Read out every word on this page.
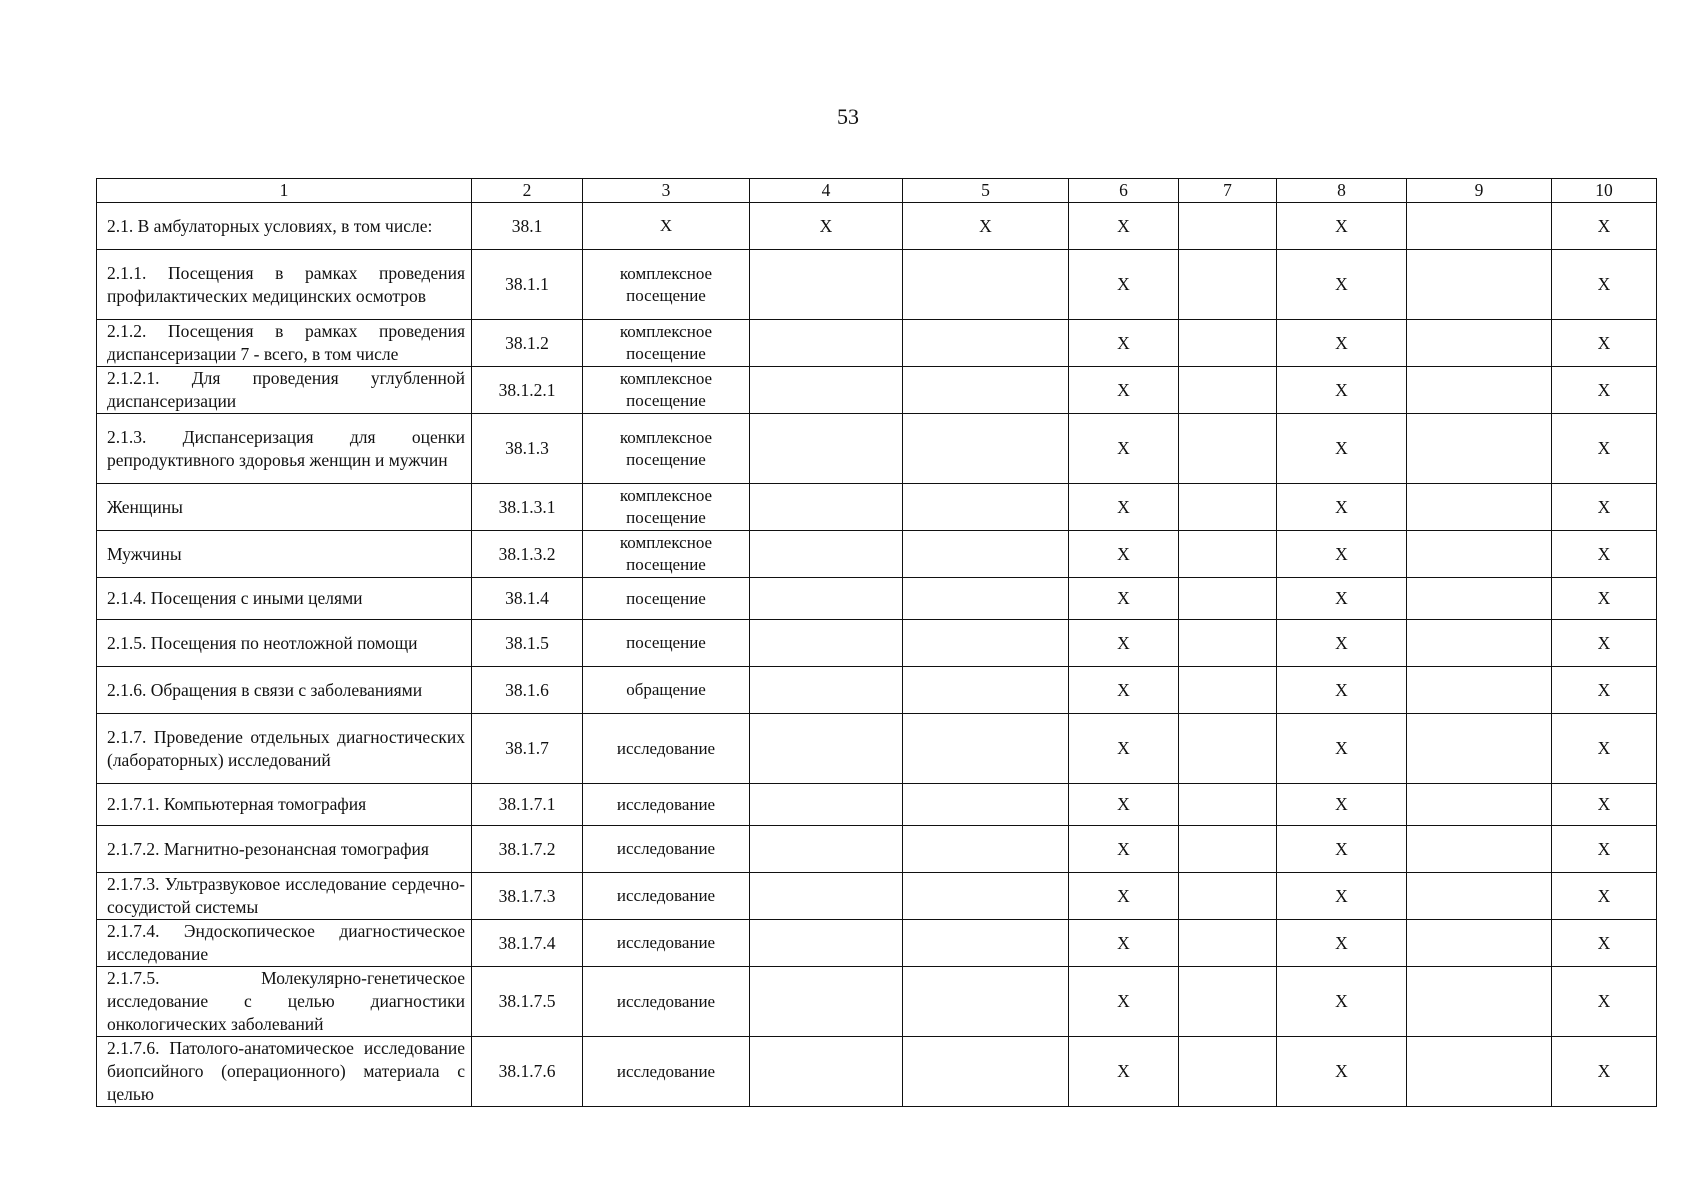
53
1	2	3	4	5	6	7	8	9	10
2.1. В амбулаторных условиях, в том числе:	38.1	Х	Х	Х	Х		Х		Х
2.1.1. Посещения в рамках проведения профилактических медицинских осмотров	38.1.1	комплексное посещение			Х		Х		Х
2.1.2. Посещения в рамках проведения диспансеризации 7 - всего, в том числе	38.1.2	комплексное посещение			Х		Х		Х
2.1.2.1. Для проведения углубленной диспансеризации	38.1.2.1	комплексное посещение			Х		Х		Х
2.1.3. Диспансеризация для оценки репродуктивного здоровья женщин и мужчин	38.1.3	комплексное посещение			Х		Х		Х
Женщины	38.1.3.1	комплексное посещение			Х		Х		Х
Мужчины	38.1.3.2	комплексное посещение			Х		Х		Х
2.1.4. Посещения с иными целями	38.1.4	посещение			Х		Х		Х
2.1.5. Посещения по неотложной помощи	38.1.5	посещение			Х		Х		Х
2.1.6. Обращения в связи с заболеваниями	38.1.6	обращение			Х		Х		Х
2.1.7. Проведение отдельных диагностических (лабораторных) исследований	38.1.7	исследование			Х		Х		Х
2.1.7.1. Компьютерная томография	38.1.7.1	исследование			Х		Х		Х
2.1.7.2. Магнитно-резонансная томография	38.1.7.2	исследование			Х		Х		Х
2.1.7.3. Ультразвуковое исследование сердечно-сосудистой системы	38.1.7.3	исследование			Х		Х		Х
2.1.7.4. Эндоскопическое диагностическое исследование	38.1.7.4	исследование			Х		Х		Х
2.1.7.5. Молекулярно-генетическое исследование с целью диагностики онкологических заболеваний	38.1.7.5	исследование			Х		Х		Х
2.1.7.6. Патолого-анатомическое исследование биопсийного (операционного) материала с целью	38.1.7.6	исследование			Х		Х		Х
